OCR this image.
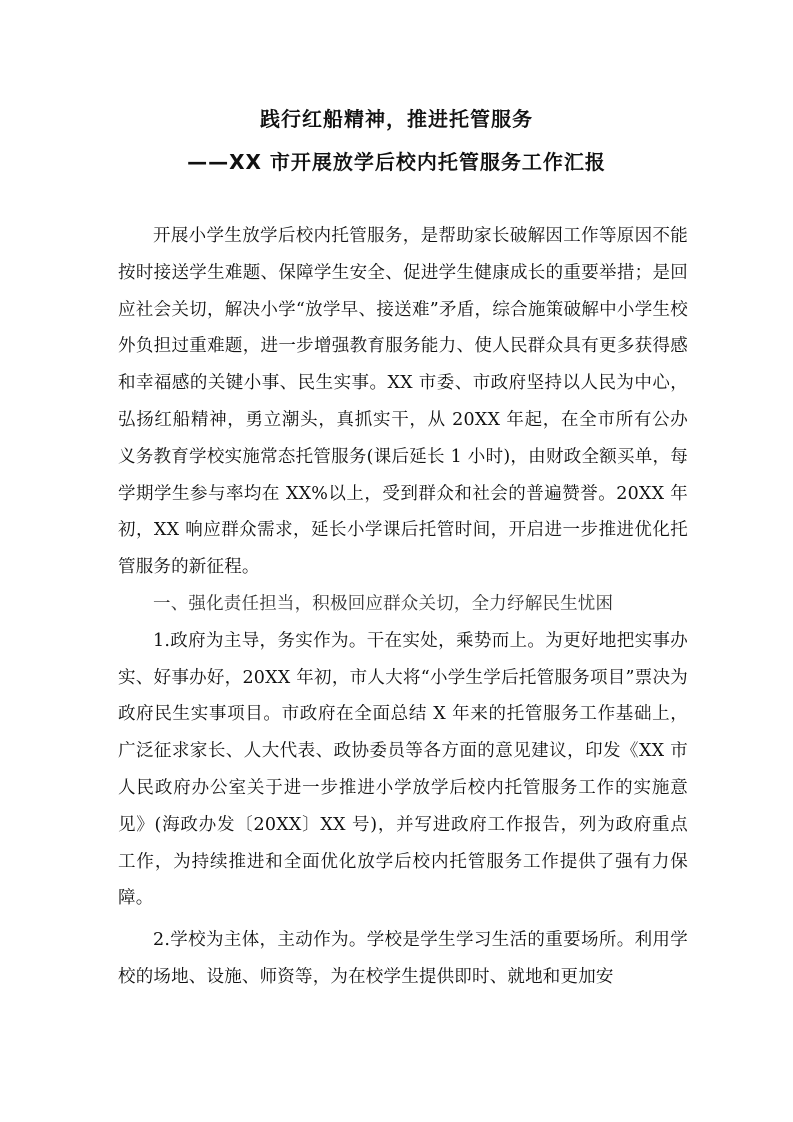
践行红船精神，推进托管服务
——XX 市开展放学后校内托管服务工作汇报

开展小学生放学后校内托管服务，是帮助家长破解因工作等原因不能按时接送学生难题、保障学生安全、促进学生健康成长的重要举措；是回应社会关切，解决小学“放学早、接送难”矛盾，综合施策破解中小学生校外负担过重难题，进一步增强教育服务能力、使人民群众具有更多获得感和幸福感的关键小事、民生实事。XX 市委、市政府坚持以人民为中心，弘扬红船精神，勇立潮头，真抓实干，从 20XX 年起，在全市所有公办义务教育学校实施常态托管服务(课后延长 1 小时)，由财政全额买单，每学期学生参与率均在 XX%以上，受到群众和社会的普遍赞誉。20XX 年初，XX 响应群众需求，延长小学课后托管时间，开启进一步推进优化托管服务的新征程。

一、强化责任担当，积极回应群众关切，全力纾解民生忧困

1.政府为主导，务实作为。干在实处，乘势而上。为更好地把实事办实、好事办好，20XX 年初，市人大将“小学生学后托管服务项目”票决为政府民生实事项目。市政府在全面总结 X 年来的托管服务工作基础上，广泛征求家长、人大代表、政协委员等各方面的意见建议，印发《XX 市人民政府办公室关于进一步推进小学放学后校内托管服务工作的实施意见》(海政办发〔20XX〕XX 号)，并写进政府工作报告，列为政府重点工作，为持续推进和全面优化放学后校内托管服务工作提供了强有力保障。

2.学校为主体，主动作为。学校是学生学习生活的重要场所。利用学校的场地、设施、师资等，为在校学生提供即时、就地和更加安
